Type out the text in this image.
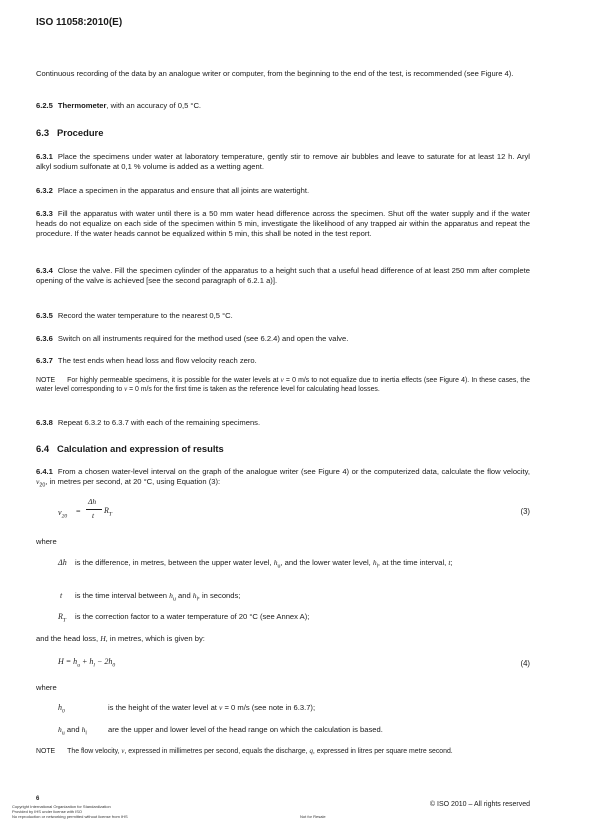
ISO 11058:2010(E)
Continuous recording of the data by an analogue writer or computer, from the beginning to the end of the test, is recommended (see Figure 4).
6.2.5 Thermometer, with an accuracy of 0,5 °C.
6.3 Procedure
6.3.1 Place the specimens under water at laboratory temperature, gently stir to remove air bubbles and leave to saturate for at least 12 h. Aryl alkyl sodium sulfonate at 0,1 % volume is added as a wetting agent.
6.3.2 Place a specimen in the apparatus and ensure that all joints are watertight.
6.3.3 Fill the apparatus with water until there is a 50 mm water head difference across the specimen. Shut off the water supply and if the water heads do not equalize on each side of the specimen within 5 min, investigate the likelihood of any trapped air within the apparatus and repeat the procedure. If the water heads cannot be equalized within 5 min, this shall be noted in the test report.
6.3.4 Close the valve. Fill the specimen cylinder of the apparatus to a height such that a useful head difference of at least 250 mm after complete opening of the valve is achieved [see the second paragraph of 6.2.1 a)].
6.3.5 Record the water temperature to the nearest 0,5 °C.
6.3.6 Switch on all instruments required for the method used (see 6.2.4) and open the valve.
6.3.7 The test ends when head loss and flow velocity reach zero.
NOTE For highly permeable specimens, it is possible for the water levels at v = 0 m/s to not equalize due to inertia effects (see Figure 4). In these cases, the water level corresponding to v = 0 m/s for the first time is taken as the reference level for calculating head losses.
6.3.8 Repeat 6.3.2 to 6.3.7 with each of the remaining specimens.
6.4 Calculation and expression of results
6.4.1 From a chosen water-level interval on the graph of the analogue writer (see Figure 4) or the computerized data, calculate the flow velocity, $v_{20}$, in metres per second, at 20 °C, using Equation (3):
$v_{20}$
=
Δh
t
$R_T$	(3)
where
Δh is the difference, in metres, between the upper water level, $h_u$, and the lower water level, $h_l$, at the time interval, t;
t is the time interval between $h_u$ and $h_l$, in seconds;
$R_T$ is the correction factor to a water temperature of 20 °C (see Annex A);
and the head loss, H, in metres, which is given by:
$H = h_u + h_l - 2h_0$	(4)
where
$h_0$	is the height of the water level at v = 0 m/s (see note in 6.3.7);
$h_u$ and $h_l$	are the upper and lower level of the head range on which the calculation is based.
NOTE The flow velocity, v, expressed in millimetres per second, equals the discharge, q, expressed in litres per square metre second.
6
Copyright International Organization for Standardization
Provided by IHS under license with ISO
No reproduction or networking permitted without license from IHS	Not for Resale
© ISO 2010 – All rights reserved
